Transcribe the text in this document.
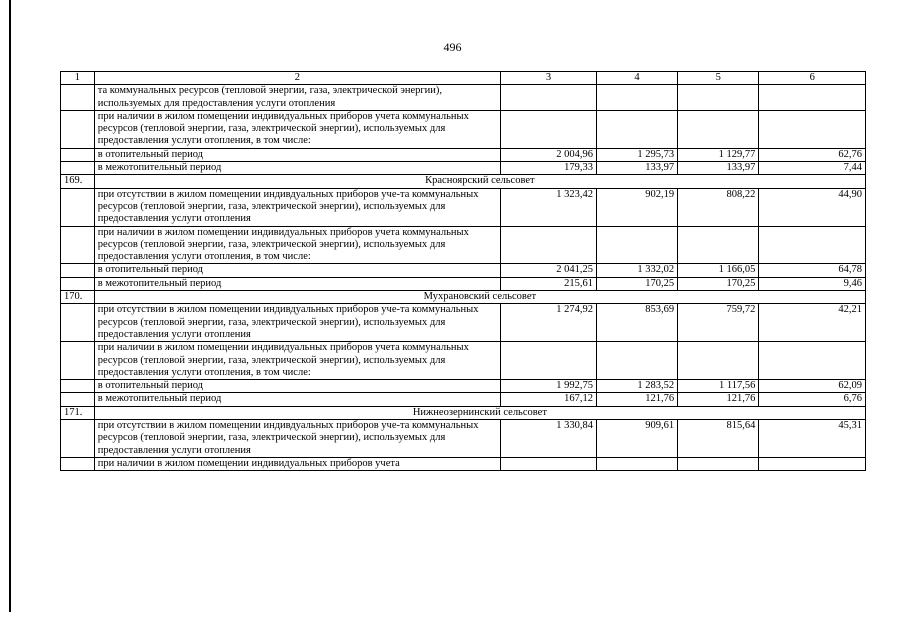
496
1	2	3	4	5	6
	та коммунальных ресурсов (тепловой энергии, газа, электрической энергии), используемых для предоставления услуги отопления				
	при наличии в жилом помещении индивидуальных приборов учета коммунальных ресурсов (тепловой энергии, газа, электрической энергии), используемых для предоставления услуги отопления, в том числе:				
	в отопительный период	2 004,96	1 295,73	1 129,77	62,76
	в межотопительный период	179,33	133,97	133,97	7,44
169.	Красноярский сельсовет				
	при отсутствии в жилом помещении индивдуальных приборов уче-та коммунальных ресурсов (тепловой энергии, газа, электрической энергии), используемых для предоставления услуги отопления	1 323,42	902,19	808,22	44,90
	при наличии в жилом помещении индивидуальных приборов учета коммунальных ресурсов (тепловой энергии, газа, электрической энергии), используемых для предоставления услуги отопления, в том числе:				
	в отопительный период	2 041,25	1 332,02	1 166,05	64,78
	в межотопительный период	215,61	170,25	170,25	9,46
170.	Мухрановский сельсовет				
	при отсутствии в жилом помещении индивдуальных приборов уче-та коммунальных ресурсов (тепловой энергии, газа, электрической энергии), используемых для предоставления услуги отопления	1 274,92	853,69	759,72	42,21
	при наличии в жилом помещении индивидуальных приборов учета коммунальных ресурсов (тепловой энергии, газа, электрической энергии), используемых для предоставления услуги отопления, в том числе:				
	в отопительный период	1 992,75	1 283,52	1 117,56	62,09
	в межотопительный период	167,12	121,76	121,76	6,76
171.	Нижнеозернинский сельсовет				
	при отсутствии в жилом помещении индивдуальных приборов уче-та коммунальных ресурсов (тепловой энергии, газа, электрической энергии), используемых для предоставления услуги отопления	1 330,84	909,61	815,64	45,31
	при наличии в жилом помещении индивидуальных приборов учета				
